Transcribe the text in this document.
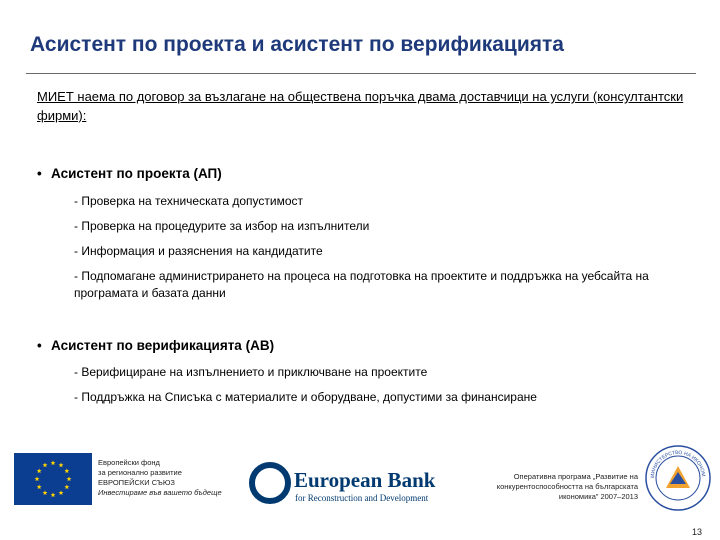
Асистент по проекта и асистент по верификацията
МИЕТ наема по договор за възлагане на обществена поръчка двама доставчици на услуги (консултантски фирми):
• Асистент по проекта (АП)
- Проверка на техническата допустимост
- Проверка на процедурите за избор на изпълнители
- Информация и разяснения на кандидатите
- Подпомагане администрирането на процеса на подготовка на проектите и поддръжка на уебсайта на програмата и базата данни
• Асистент по верификацията (АВ)
- Верифициране на изпълнението и приключване на проектите
- Поддръжка на Списъка с материалите и оборудване, допустими за финансиране
Европейски фонд
за регионално развитие
ЕВРОПЕЙСКИ СЪЮЗ
Инвестираме във вашето бъдеще
European Bank
for Reconstruction and Development
Оперативна програма „Развитие на конкурентоспособността на българската икономика” 2007–2013
МИНИСТЕРСТВО НА ИКОНОМ
13
